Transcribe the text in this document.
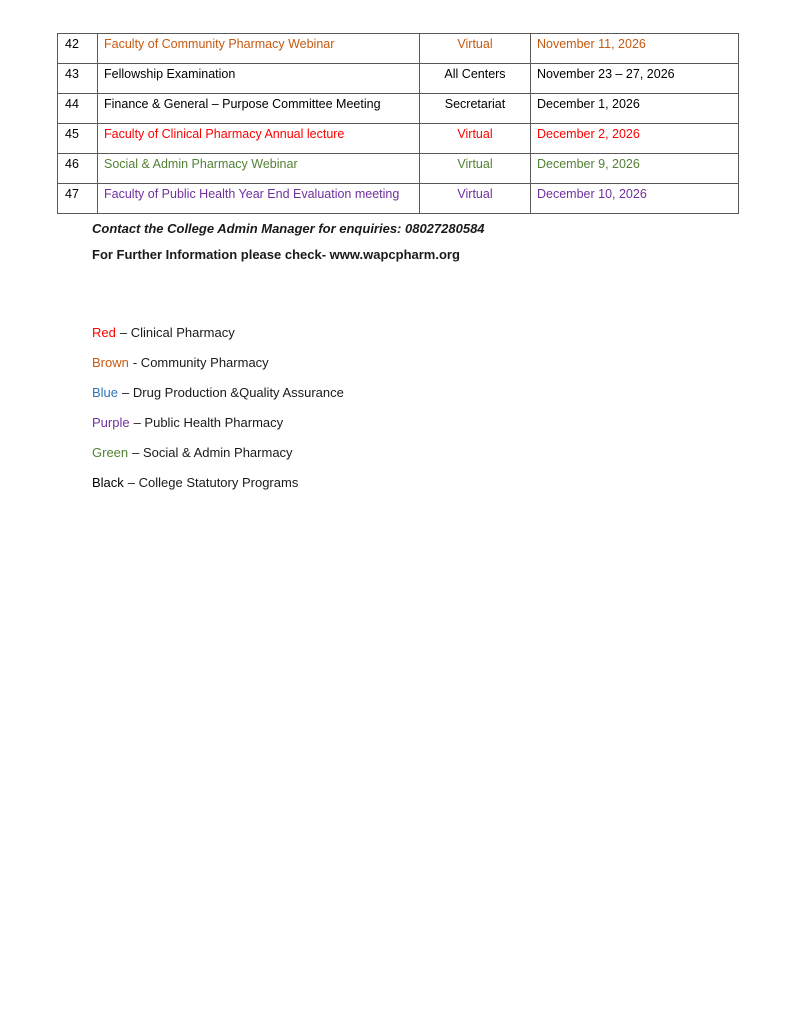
42	Faculty of Community Pharmacy Webinar	Virtual	November 11, 2026
43	Fellowship Examination	All Centers	November 23 – 27, 2026
44	Finance & General – Purpose Committee Meeting	Secretariat	December 1, 2026
45	Faculty of Clinical Pharmacy Annual lecture	Virtual	December 2, 2026
46	Social & Admin Pharmacy Webinar	Virtual	December 9, 2026
47	Faculty of Public Health Year End Evaluation meeting	Virtual	December 10, 2026
Contact the College Admin Manager for enquiries: 08027280584
For Further Information please check- www.wapcpharm.org
Red – Clinical Pharmacy
Brown - Community Pharmacy
Blue – Drug Production &Quality Assurance
Purple – Public Health Pharmacy
Green – Social & Admin Pharmacy
Black – College Statutory Programs
